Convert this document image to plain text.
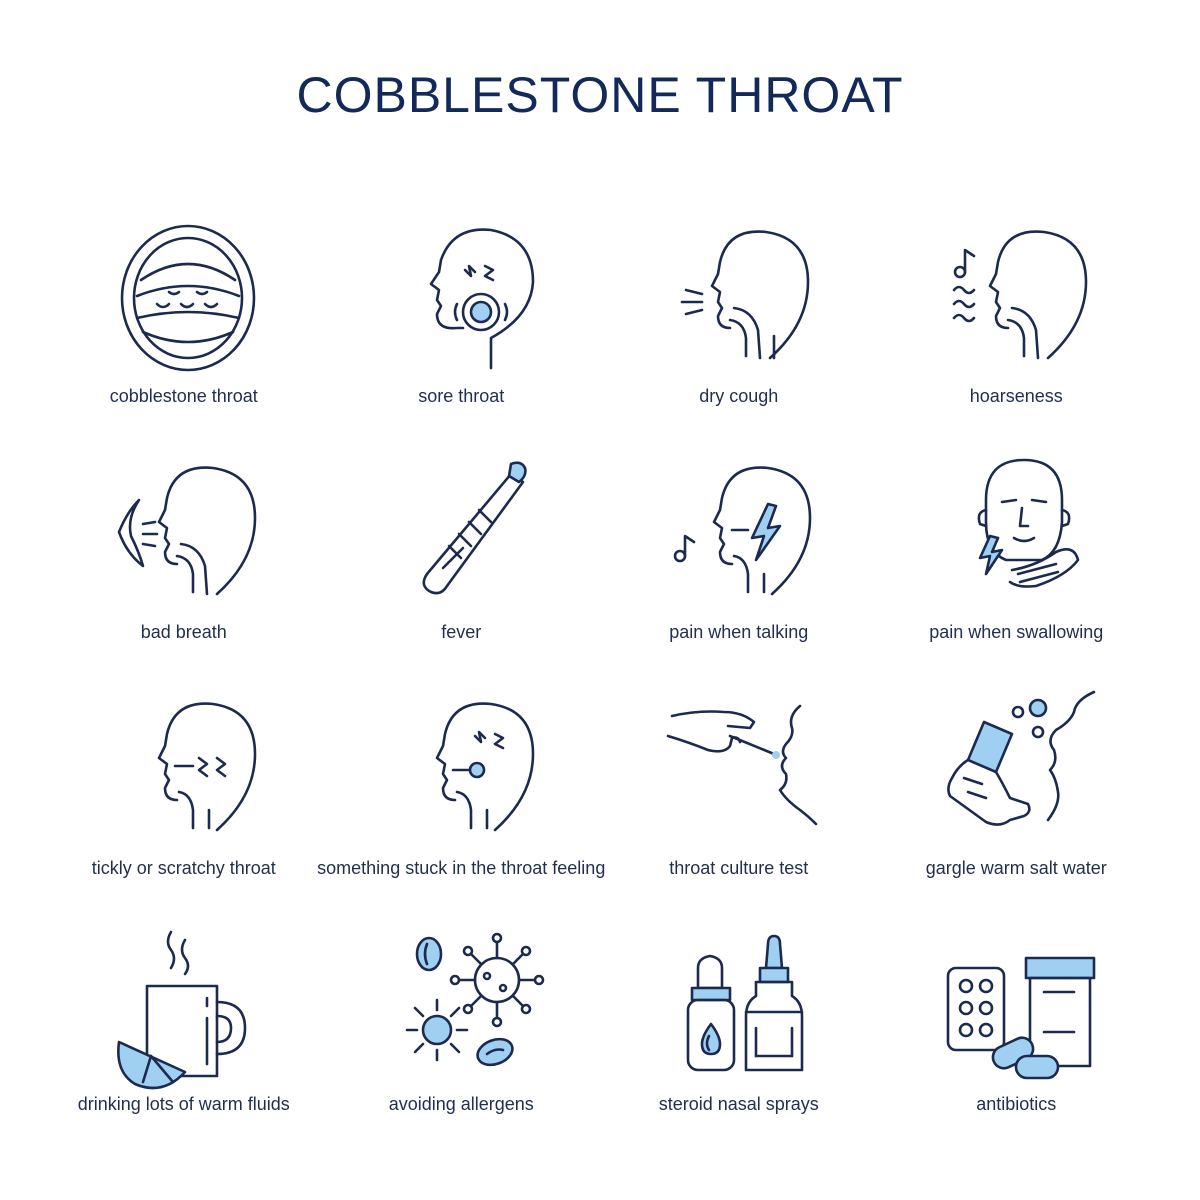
COBBLESTONE THROAT
cobblestone throat	sore throat	dry cough	hoarseness
bad breath	fever	pain when talking	pain when swallowing
tickly or scratchy throat	something stuck in the throat feeling	throat culture test	gargle warm salt water
drinking lots of warm fluids	avoiding allergens	steroid nasal sprays	antibiotics
